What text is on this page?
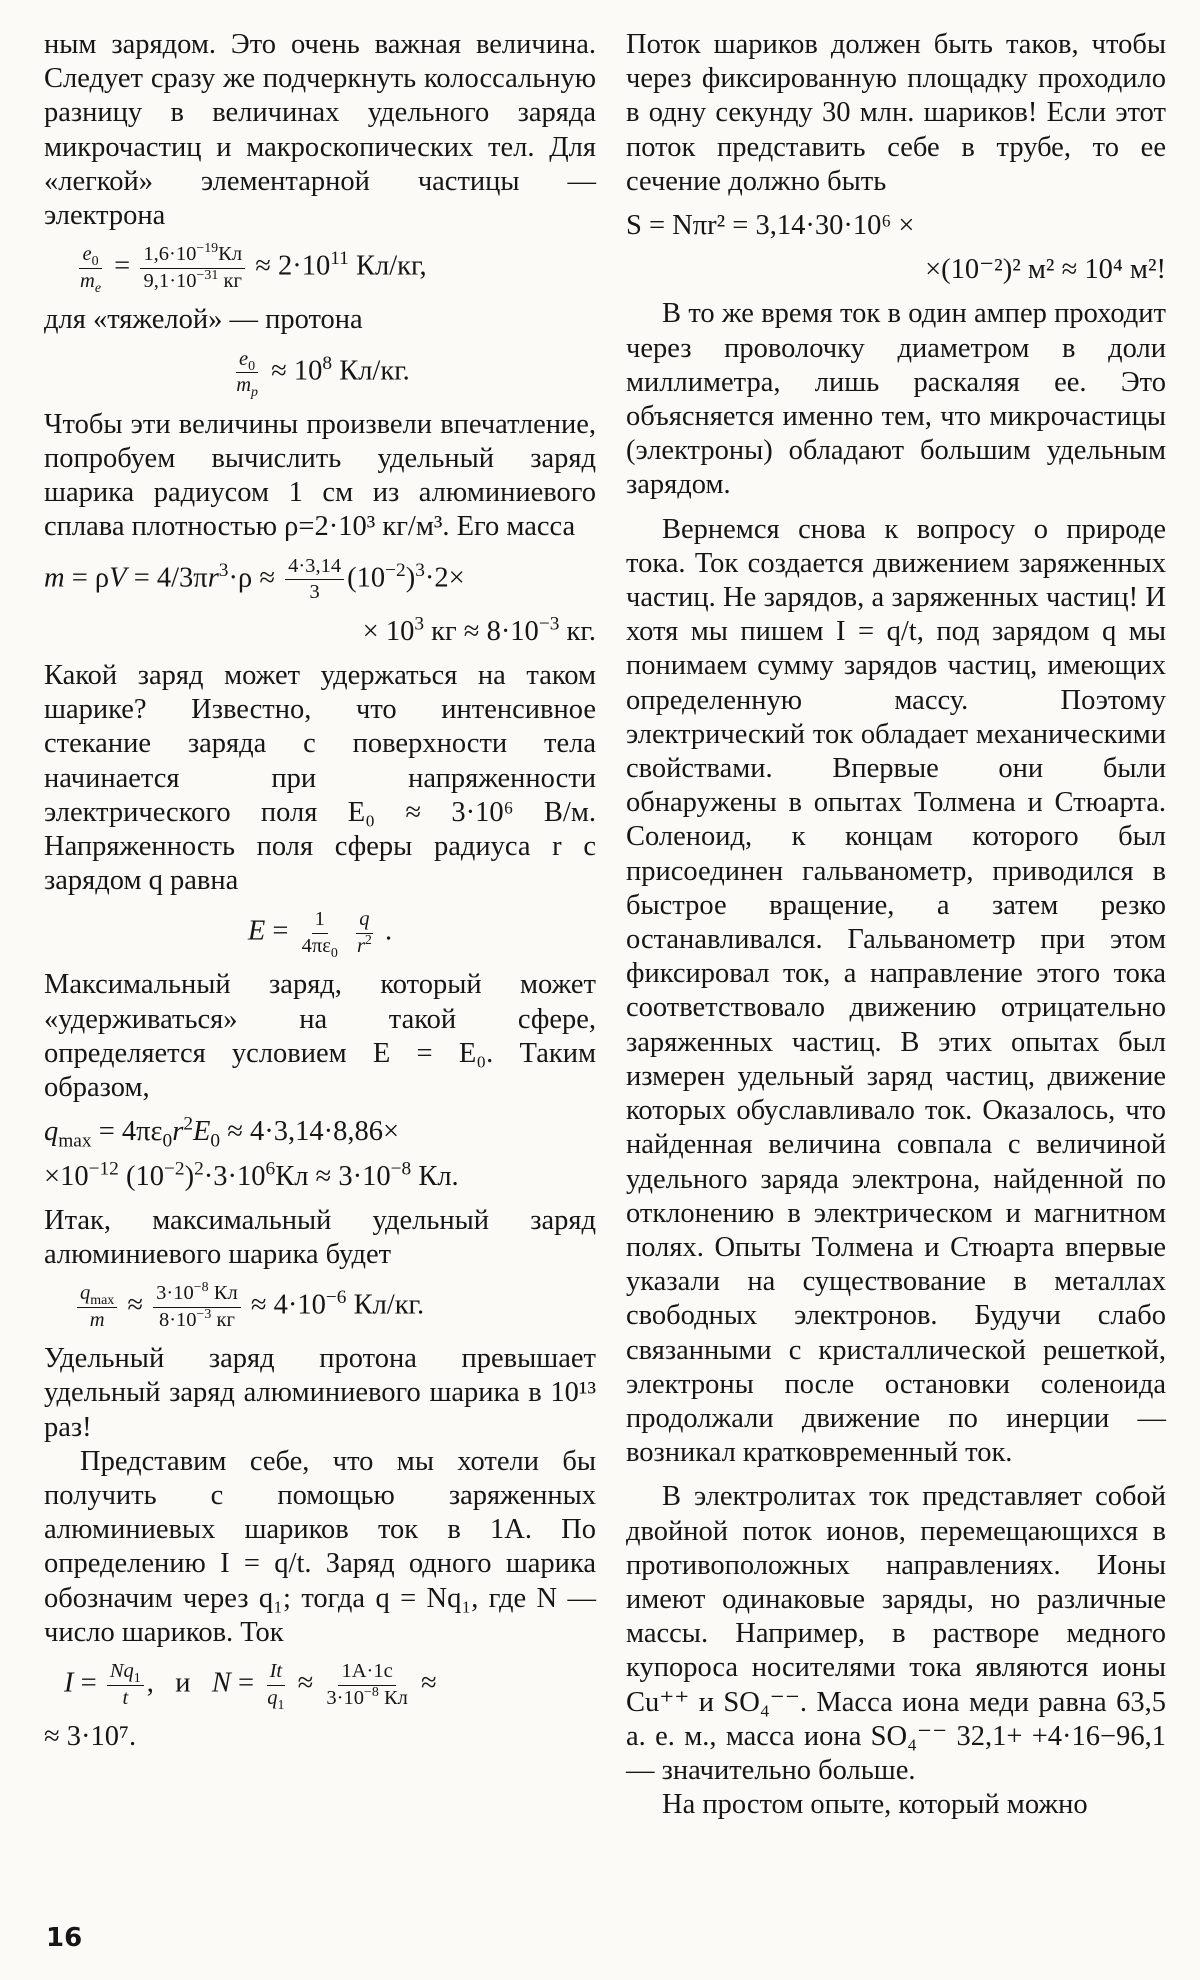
ным зарядом. Это очень важная величина. Следует сразу же подчеркнуть колоссальную разницу в величинах удельного заряда микрочастиц и макроскопических тел. Для «легкой» элементарной частицы — электрона

$\frac{e_0}{m_e} = \frac{1,6\cdot 10^{-19}Кл}{9,1\cdot 10^{-31} кг} \approx 2\cdot 10^{11}$ Кл/кг,

для «тяжелой» — протона

$\frac{e_0}{m_p} \approx 10^8$ Кл/кг.

Чтобы эти величины произвели впечатление, попробуем вычислить удельный заряд шарика радиусом 1 см из алюминиевого сплава плотностью ρ=2·10³ кг/м³. Его масса

$m = \rho V = 4/3\pi r^3\cdot\rho \approx \frac{4\cdot 3,14}{3} (10^{-2})^3\cdot 2\times$
× $10^3$ кг ≈ $8\cdot 10^{-3}$ кг.

Какой заряд может удержаться на таком шарике? Известно, что интенсивное стекание заряда с поверхности тела начинается при напряженности электрического поля E₀ ≈ 3·10⁶ В/м. Напряженность поля сферы радиуса r с зарядом q равна

$E = \frac{1}{4\pi\varepsilon_0}$
$\frac{q}{r^2}$ .

Максимальный заряд, который может «удерживаться» на такой сфере, определяется условием E = E₀. Таким образом,

$q_{max} = 4\pi\varepsilon_0r^2E_0 \approx 4\cdot 3,14\cdot 8,86\times$
$\times 10^{-12}$ $(10^{-2})^2\cdot 3\cdot 10^6Кл \approx 3\cdot 10^{-8}$ Кл.

Итак, максимальный удельный заряд алюминиевого шарика будет

$\frac{q_{max}}{m} \approx \frac{3\cdot 10^{-8} Кл}{8\cdot 10^{-3} кг} \approx 4\cdot 10^{-6}$ Кл/кг.

Удельный заряд протона превышает удельный заряд алюминиевого шарика в 10¹³ раз!

Представим себе, что мы хотели бы получить с помощью заряженных алюминиевых шариков ток в 1А. По определению I = q/t. Заряд одного шарика обозначим через q₁; тогда q = Nq₁, где N — число шариков. Ток

$I = \frac{Nq_1}{t}$ ,   и   $N = \frac{It}{q_1} \approx \frac{1А\cdot 1с}{3\cdot 10^{-8} Кл}$ ≈

≈ 3·10⁷.

Поток шариков должен быть таков, чтобы через фиксированную площадку проходило в одну секунду 30 млн. шариков! Если этот поток представить себе в трубе, то ее сечение должно быть

S = Nπr² = 3,14·30·10⁶ ×
×(10⁻²)² м² ≈ 10⁴ м²!

В то же время ток в один ампер проходит через проволочку диаметром в доли миллиметра, лишь раскаляя ее. Это объясняется именно тем, что микрочастицы (электроны) обладают большим удельным зарядом.

Вернемся снова к вопросу о природе тока. Ток создается движением заряженных частиц. Не зарядов, а заряженных частиц! И хотя мы пишем I = q/t, под зарядом q мы понимаем сумму зарядов частиц, имеющих определенную массу. Поэтому электрический ток обладает механическими свойствами. Впервые они были обнаружены в опытах Толмена и Стюарта. Соленоид, к концам которого был присоединен гальванометр, приводился в быстрое вращение, а затем резко останавливался. Гальванометр при этом фиксировал ток, а направление этого тока соответствовало движению отрицательно заряженных частиц. В этих опытах был измерен удельный заряд частиц, движение которых обуславливало ток. Оказалось, что найденная величина совпала с величиной удельного заряда электрона, найденной по отклонению в электрическом и магнитном полях. Опыты Толмена и Стюарта впервые указали на существование в металлах свободных электронов. Будучи слабо связанными с кристаллической решеткой, электроны после остановки соленоида продолжали движение по инерции — возникал кратковременный ток.

В электролитах ток представляет собой двойной поток ионов, перемещающихся в противоположных направлениях. Ионы имеют одинаковые заряды, но различные массы. Например, в растворе медного купороса носителями тока являются ионы Cu⁺⁺ и SO₄⁻⁻. Масса иона меди равна 63,5 а. е. м., масса иона SO₄⁻⁻ 32,1+ +4·16−96,1 — значительно больше.

На простом опыте, который можно

16
